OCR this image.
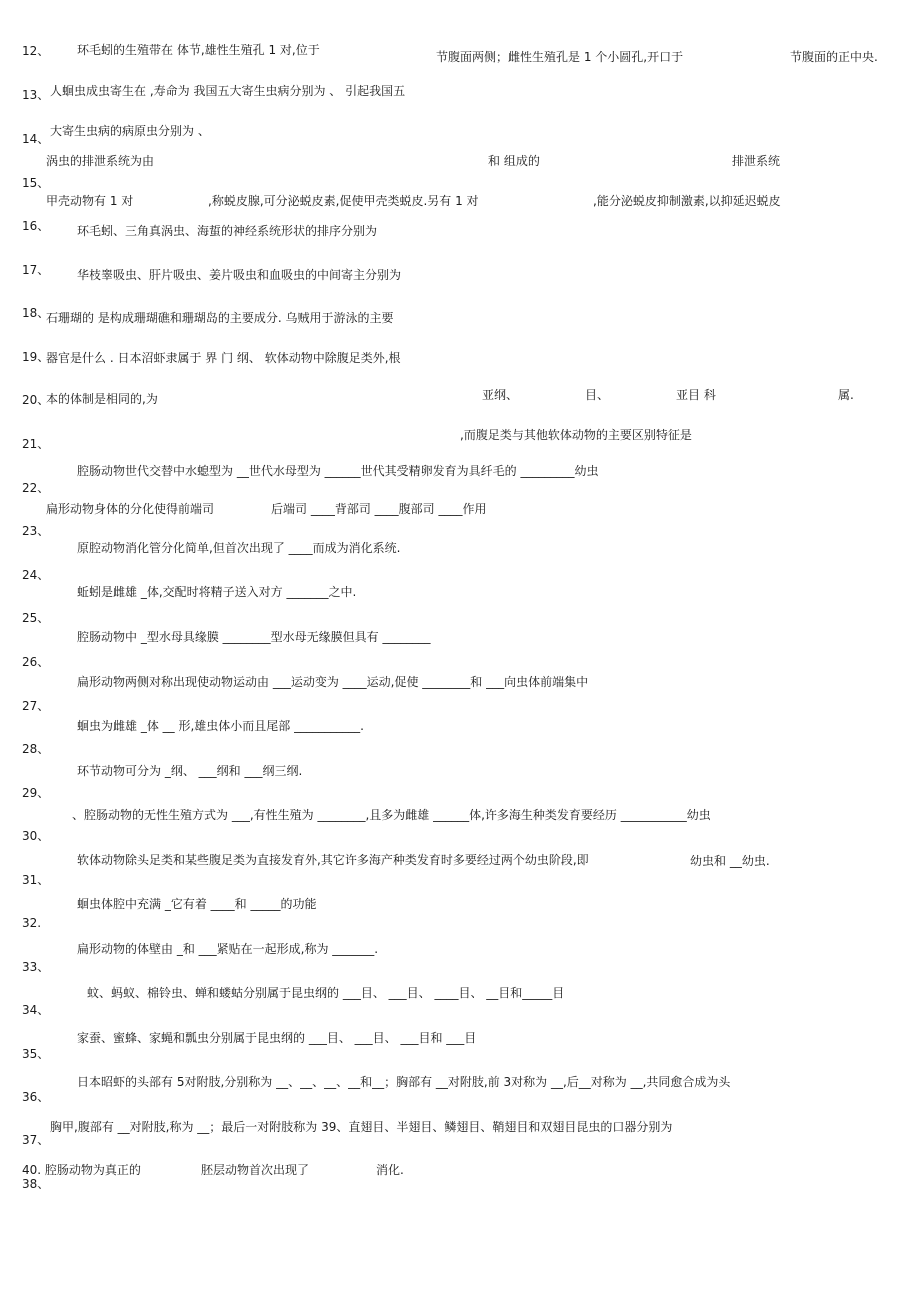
12、
13、
14、
15、
16、
17、
18、
19、
20、
21、
22、
23、
24、
25、
26、
27、
28、
29、
30、
31、
32.
33、
34、
35、
36、
37、
38、
环毛蚓的生殖带在 体节,雄性生殖孔 1 对,位于	节腹面两侧；雌性生殖孔是 1 个小圆孔,开口于	节腹面的正中央.
人蛔虫成虫寄生在 ,寿命为 我国五大寄生虫病分别为 、 引起我国五
大寄生虫病的病原虫分别为 、
涡虫的排泄系统为由	和 组成的	排泄系统
甲壳动物有 1 对	,称蜕皮腺,可分泌蜕皮素,促使甲壳类蜕皮.另有 1 对	,能分泌蜕皮抑制激素,以抑延迟蜕皮
环毛蚓、三角真涡虫、海蜇的神经系统形状的排序分别为
华枝睾吸虫、肝片吸虫、姜片吸虫和血吸虫的中间寄主分别为
石珊瑚的 是构成珊瑚礁和珊瑚岛的主要成分. 乌贼用于游泳的主要
器官是什么 . 日本沼虾隶属于 界 门 纲、 软体动物中除腹足类外,根
本的体制是相同的,为	亚纲、	目、	亚目 科	属.
,而腹足类与其他软体动物的主要区别特征是
腔肠动物世代交替中水螅型为 __世代水母型为 ______世代其受精卵发育为具纤毛的 _________幼虫
扁形动物身体的分化使得前端司	后端司 ____背部司 ____腹部司 ____作用
原腔动物消化管分化简单,但首次出现了 ____而成为消化系统.
蚯蚓是雌雄 _体,交配时将精子送入对方 _______之中.
腔肠动物中 _型水母具缘膜 ________型水母无缘膜但具有 ________
扁形动物两侧对称出现使动物运动由 ___运动变为 ____运动,促使 ________和 ___向虫体前端集中
蛔虫为雌雄 _体 __ 形,雄虫体小而且尾部 ___________.
环节动物可分为 _纲、 ___纲和 ___纲三纲.
、腔肠动物的无性生殖方式为 ___,有性生殖为 ________,且多为雌雄 ______体,许多海生种类发育要经历 ___________幼虫
软体动物除头足类和某些腹足类为直接发育外,其它许多海产种类发育时多要经过两个幼虫阶段,即	幼虫和 __幼虫.
蛔虫体腔中充满 _它有着 ____和 _____的功能
扁形动物的体壁由 _和 ___紧贴在一起形成,称为 _______.
蚊、蚂蚁、棉铃虫、蝉和蝼蛄分别属于昆虫纲的 ___目、 ___目、 ____目、 __目和_____目
家蚕、蜜蜂、家蝇和瓢虫分别属于昆虫纲的 ___目、 ___目、 ___目和 ___目
日本昭虾的头部有 5对附肢,分别称为 __、__、__、__和__；胸部有 __对附肢,前 3对称为 __,后__对称为 __,共同愈合成为头
胸甲,腹部有 __对附肢,称为 __；最后一对附肢称为 39、直翅目、半翅目、鳞翅目、鞘翅目和双翅目昆虫的口器分别为
40. 腔肠动物为真正的	胚层动物首次出现了	消化.
